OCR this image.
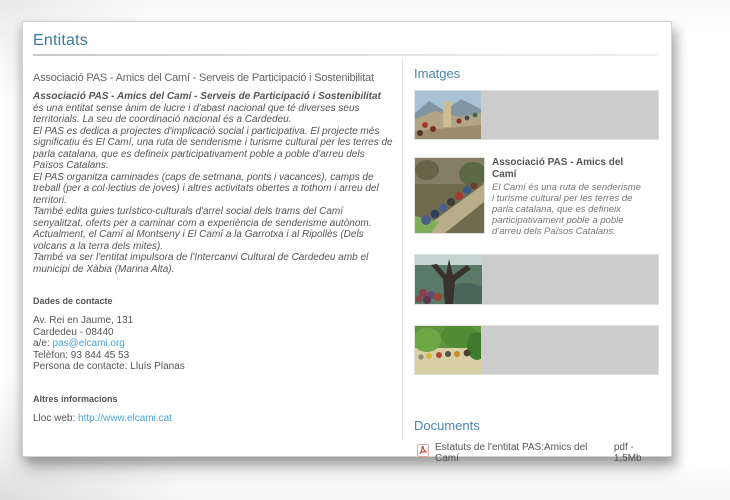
Entitats
Associació PAS - Amics del Camí - Serveis de Participació i Sostenibilitat

Associació PAS - Amics del Camí - Serveis de Participació i Sostenibilitat és una entitat sense ànim de lucre i d'abast nacional que té diverses seus territorials. La seu de coordinació nacional és a Cardedeu.

El PAS es dedica a projectes d'implicació social i participativa. El projecte més significatiu és El Camí, una ruta de senderisme i turisme cultural per les terres de parla catalana, que es defineix participativament poble a poble d'arreu dels Països Catalans.

El PAS organitza caminades (caps de setmana, ponts i vacances), camps de treball (per a col·lectius de joves) i altres activitats obertes a tothom i arreu del territori.

També edita guies turístico-culturals d'arrel social dels trams del Camí senyalitzat, oferts per a caminar com a experiència de senderisme autònom. Actualment, el Camí al Montseny i El Camí a la Garrotxa i al Ripollès (Dels volcans a la terra dels mites).

També va ser l'entitat impulsora de l'Intercanvi Cultural de Cardedeu amb el municipi de Xàbia (Marina Alta).

Dades de contacte
Av. Rei en Jaume, 131
Cardedeu - 08440
a/e: pas@elcami.org
Telèfon: 93 844 45 53
Persona de contacte: Lluís Planas
Altres informacions
Lloc web: http://www.elcami.cat
Imatges
Associació PAS - Amics del Camí
El Camí és una ruta de senderisme i turisme cultural per les terres de parla catalana, que es defineix participativament poble a poble d'arreu dels Països Catalans.
Documents
Estatuts de l'entitat PAS:Amics del Camí
pdf - 1,5Mb
